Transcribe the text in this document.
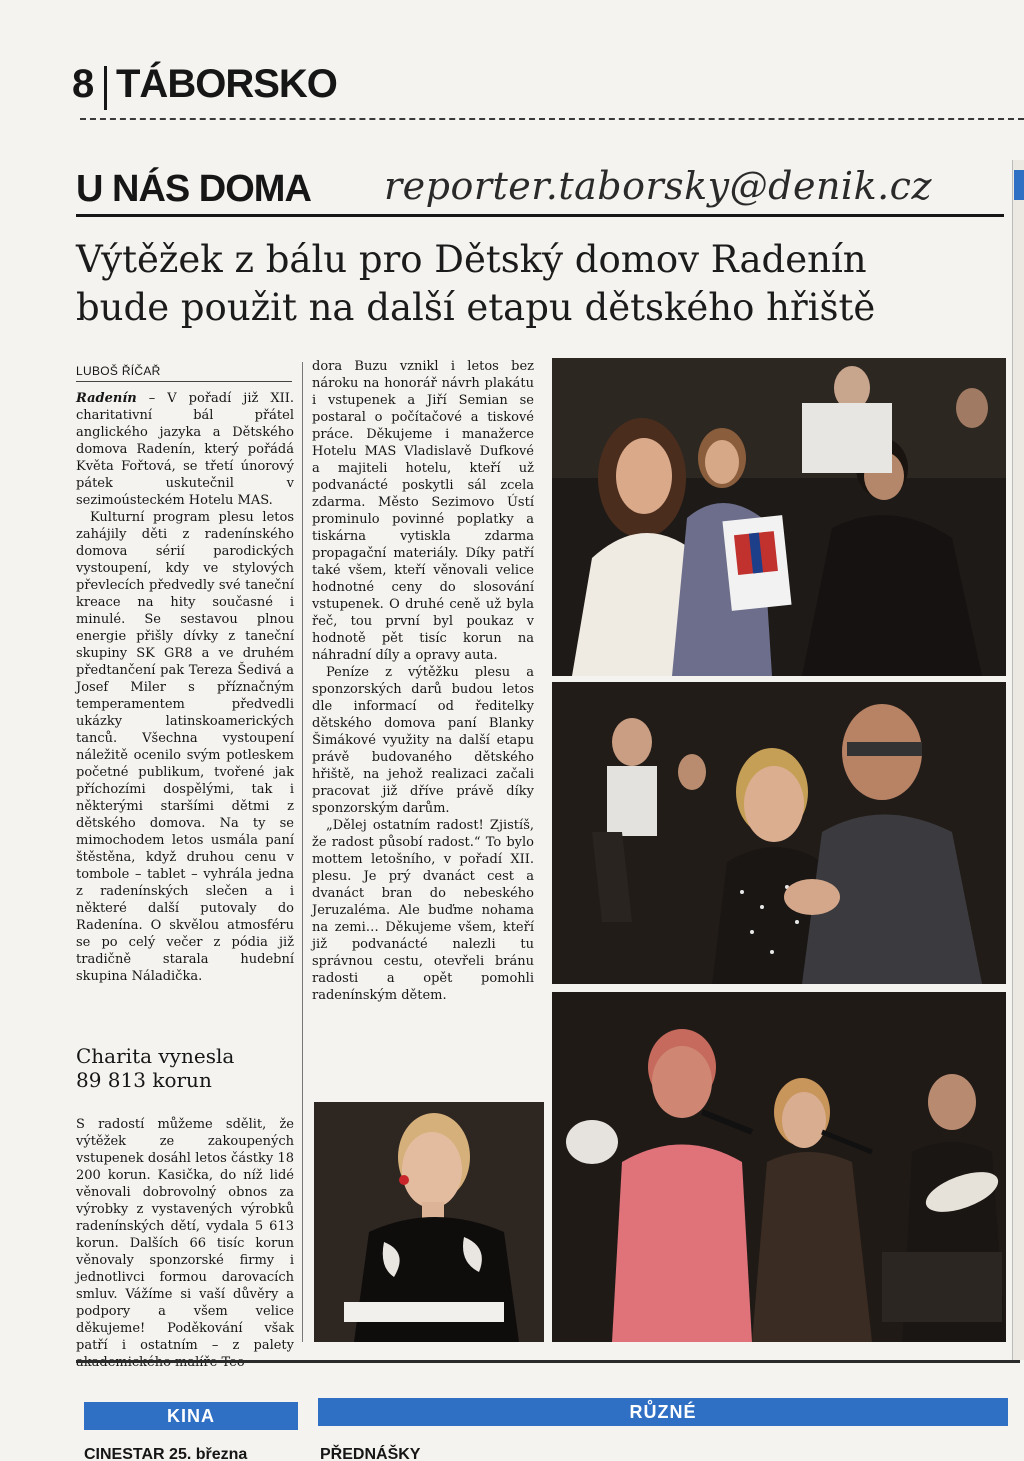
8 TÁBORSKO
U NÁS DOMA reporter.taborsky@denik.cz
Výtěžek z bálu pro Dětský domov Radenín
bude použit na další etapu dětského hřiště
LUBOŠ ŘÍČAŘ

Radenín – V pořadí již XII. charitativní bál přátel anglického jazyka a Dětského domova Radenín, který pořádá Květa Fořtová, se třetí únorový pátek uskutečnil v sezimoústeckém Hotelu MAS.

Kulturní program plesu letos zahájily děti z radenínského domova sérií parodických vystoupení, kdy ve stylových převlecích předvedly své taneční kreace na hity současné i minulé. Se sestavou plnou energie přišly dívky z taneční skupiny SK GR8 a ve druhém předtančení pak Tereza Šedivá a Josef Miler s příznačným temperamentem předvedli ukázky latinskoamerických tanců. Všechna vystoupení náležitě ocenilo svým potleskem početné publikum, tvořené jak příchozími dospělými, tak i některými staršími dětmi z dětského domova. Na ty se mimochodem letos usmála paní štěstěna, když druhou cenu v tombole – tablet – vyhrála jedna z radenínských slečen a i některé další putovaly do Radenína. O skvělou atmosféru se po celý večer z pódia již tradičně starala hudební skupina Náladička.

Charita vynesla
89 813 korun

S radostí můžeme sdělit, že výtěžek ze zakoupených vstupenek dosáhl letos částky 18 200 korun. Kasička, do níž lidé věnovali dobrovolný obnos za výrobky z vystavených výrobků radenínských dětí, vydala 5 613 korun. Dalších 66 tisíc korun věnovaly sponzorské firmy i jednotlivci formou darovacích smluv. Vážíme si vaší důvěry a podpory a všem velice děkujeme! Poděkování však patří i ostatním – z palety

dora Buzu vznikl i letos bez nároku na honorář návrh plakátu i vstupenek a Jiří Semian se postaral o počítačové a tiskové práce. Děkujeme i manažerce Hotelu MAS Vladislavě Dufkové a majiteli hotelu, kteří už podvanácté poskytli sál zcela zdarma. Město Sezimovo Ústí prominulo povinné poplatky a tiskárna vytiskla zdarma propagační materiály. Díky patří také všem, kteří věnovali velice hodnotné ceny do slosování vstupenek. O druhé ceně už byla řeč, tou první byl poukaz v hodnotě pět tisíc korun na náhradní díly a opravy auta.

Peníze z výtěžku plesu a sponzorských darů budou letos dle informací od ředitelky dětského domova paní Blanky Šimákové využity na další etapu právě budovaného dětského hřiště, na jehož realizaci začali pracovat již dříve právě díky sponzorským darům.

„Dělej ostatním radost! Zjistíš, že radost působí radost.“ To bylo mottem letošního, v pořadí XII. plesu. Je prý dvanáct cest a dvanáct bran do nebeského Jeruzaléma. Ale buďme nohama na zemi… Děkujeme všem, kteří již podvanácté nalezli tu správnou cestu, otevřeli bránu radosti a opět pomohli radenínským dětem.

KINA	RŮZNÉ
CINESTAR 25. března	PŘEDNÁŠKY
